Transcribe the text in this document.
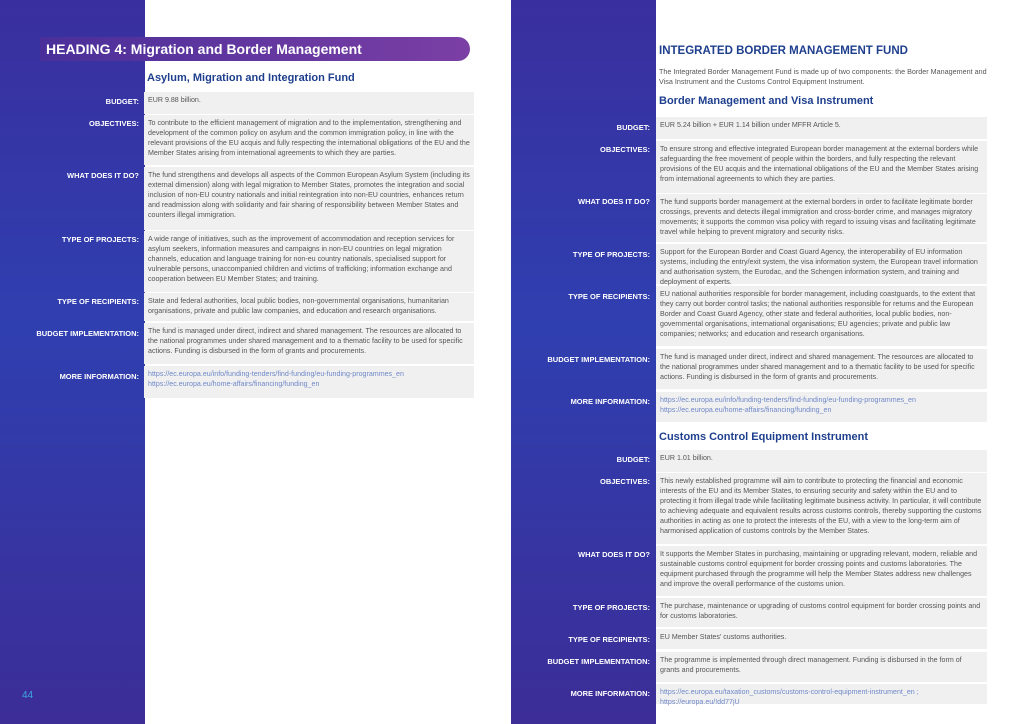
44
HEADING 4: Migration and Border Management
Asylum, Migration and Integration Fund
BUDGET:	EUR 9.88 billion.
OBJECTIVES:	To contribute to the efficient management of migration and to the implementation, strengthening and development of the common policy on asylum and the common immigration policy, in line with the relevant provisions of the EU acquis and fully respecting the international obligations of the EU and the Member States arising from international agreements to which they are parties.
WHAT DOES IT DO?	The fund strengthens and develops all aspects of the Common European Asylum System (including its external dimension) along with legal migration to Member States, promotes the integration and social inclusion of non-EU country nationals and initial reintegration into non-EU countries, enhances return and readmission along with solidarity and fair sharing of responsibility between Member States and counters illegal immigration.
TYPE OF PROJECTS:	A wide range of initiatives, such as the improvement of accommodation and reception services for asylum seekers, information measures and campaigns in non-EU countries on legal migration channels, education and language training for non-eu country nationals, specialised support for vulnerable persons, unaccompanied children and victims of trafficking; information exchange and cooperation between EU Member States; and training.
TYPE OF RECIPIENTS:	State and federal authorities, local public bodies, non-governmental organisations, humanitarian organisations, private and public law companies, and education and research organisations.
BUDGET IMPLEMENTATION:	The fund is managed under direct, indirect and shared management. The resources are allocated to the national programmes under shared management and to a thematic facility to be used for specific actions. Funding is disbursed in the form of grants and procurements.
MORE INFORMATION: https://ec.europa.eu/info/funding-tenders/find-funding/eu-funding-programmes_en
https://ec.europa.eu/home-affairs/financing/funding_en
INTEGRATED BORDER MANAGEMENT FUND
The Integrated Border Management Fund is made up of two components: the Border Management and Visa Instrument and the Customs Control Equipment Instrument.
Border Management and Visa Instrument
BUDGET:	EUR 5.24 billion + EUR 1.14 billion under MFFR Article 5.
OBJECTIVES:	To ensure strong and effective integrated European border management at the external borders while safeguarding the free movement of people within the borders, and fully respecting the relevant provisions of the EU acquis and the international obligations of the EU and the Member States arising from international agreements to which they are parties.
WHAT DOES IT DO?	The fund supports border management at the external borders in order to facilitate legitimate border crossings, prevents and detects illegal immigration and cross-border crime, and manages migratory movements; it supports the common visa policy with regard to issuing visas and facilitating legitimate travel while helping to prevent migratory and security risks.
TYPE OF PROJECTS:	Support for the European Border and Coast Guard Agency, the interoperability of EU information systems, including the entry/exit system, the visa information system, the European travel information and authorisation system, the Eurodac, and the Schengen information system, and training and deployment of experts.
TYPE OF RECIPIENTS:	EU national authorities responsible for border management, including coastguards, to the extent that they carry out border control tasks; the national authorities responsible for returns and the European Border and Coast Guard Agency, other state and federal authorities, local public bodies, non-governmental organisations, international organisations; EU agencies; private and public law companies; networks; and education and research organisations.
BUDGET IMPLEMENTATION:	The fund is managed under direct, indirect and shared management. The resources are allocated to the national programmes under shared management and to a thematic facility to be used for specific actions. Funding is disbursed in the form of grants and procurements.
MORE INFORMATION: https://ec.europa.eu/info/funding-tenders/find-funding/eu-funding-programmes_en
https://ec.europa.eu/home-affairs/financing/funding_en
Customs Control Equipment Instrument
BUDGET:	EUR 1.01 billion.
OBJECTIVES:	This newly established programme will aim to contribute to protecting the financial and economic interests of the EU and its Member States, to ensuring security and safety within the EU and to protecting it from illegal trade while facilitating legitimate business activity. In particular, it will contribute to achieving adequate and equivalent results across customs controls, thereby supporting the customs authorities in acting as one to protect the interests of the EU, with a view to the long-term aim of harmonised application of customs controls by the Member States.
WHAT DOES IT DO?	It supports the Member States in purchasing, maintaining or upgrading relevant, modern, reliable and sustainable customs control equipment for border crossing points and customs laboratories. The equipment purchased through the programme will help the Member States address new challenges and improve the overall performance of the customs union.
TYPE OF PROJECTS:	The purchase, maintenance or upgrading of customs control equipment for border crossing points and for customs laboratories.
TYPE OF RECIPIENTS:	EU Member States' customs authorities.
BUDGET IMPLEMENTATION:	The programme is implemented through direct management. Funding is disbursed in the form of grants and procurements.
MORE INFORMATION: https://ec.europa.eu/taxation_customs/customs-control-equipment-instrument_en ; https://europa.eu/!dd77jU
